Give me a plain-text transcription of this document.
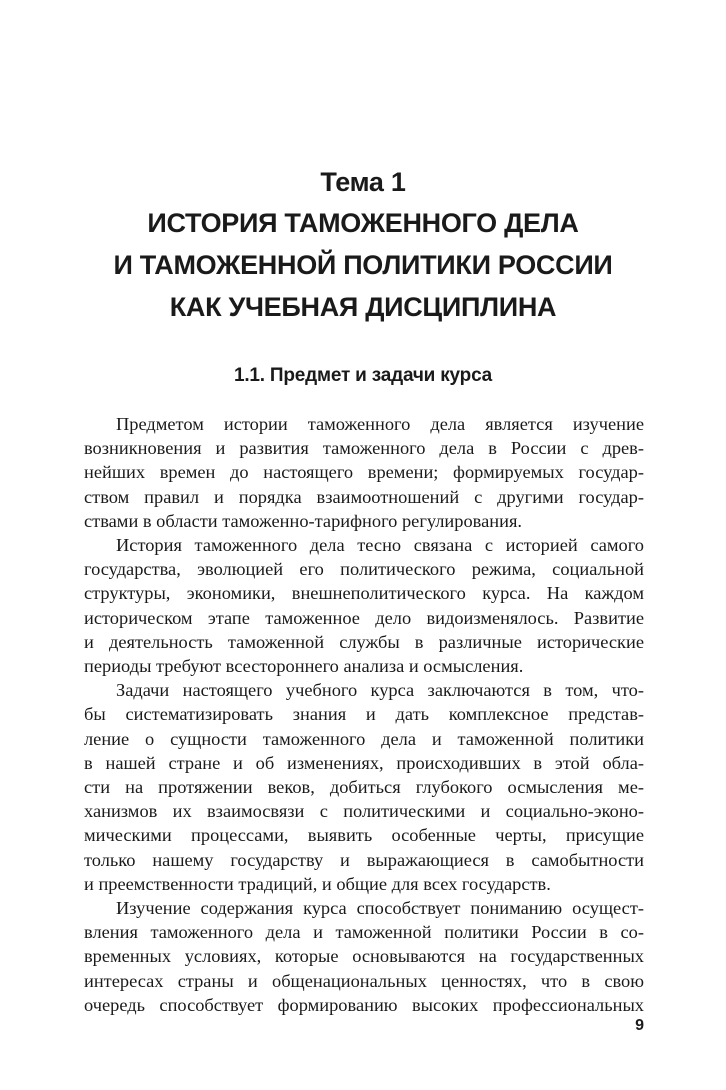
Тема 1

ИСТОРИЯ ТАМОЖЕННОГО ДЕЛА
И ТАМОЖЕННОЙ ПОЛИТИКИ РОССИИ
КАК УЧЕБНАЯ ДИСЦИПЛИНА
1.1. Предмет и задачи курса

Предметом истории таможенного дела является изучение
возникновения и развития таможенного дела в России с древ-
нейших времен до настоящего времени; формируемых государ-
ством правил и порядка взаимоотношений с другими государ-
ствами в области таможенно-тарифного регулирования.

История таможенного дела тесно связана с историей самого
государства, эволюцией его политического режима, социальной
структуры, экономики, внешнеполитического курса. На каждом
историческом этапе таможенное дело видоизменялось. Развитие
и деятельность таможенной службы в различные исторические
периоды требуют всестороннего анализа и осмысления.

Задачи настоящего учебного курса заключаются в том, что-
бы систематизировать знания и дать комплексное представ-
ление о сущности таможенного дела и таможенной политики
в нашей стране и об изменениях, происходивших в этой обла-
сти на протяжении веков, добиться глубокого осмысления ме-
ханизмов их взаимосвязи с политическими и социально-эконо-
мическими процессами, выявить особенные черты, присущие
только нашему государству и выражающиеся в самобытности
и преемственности традиций, и общие для всех государств.

Изучение содержания курса способствует пониманию осущест-
вления таможенного дела и таможенной политики России в со-
временных условиях, которые основываются на государственных
интересах страны и общенациональных ценностях, что в свою
очередь способствует формированию высоких профессиональных

9
